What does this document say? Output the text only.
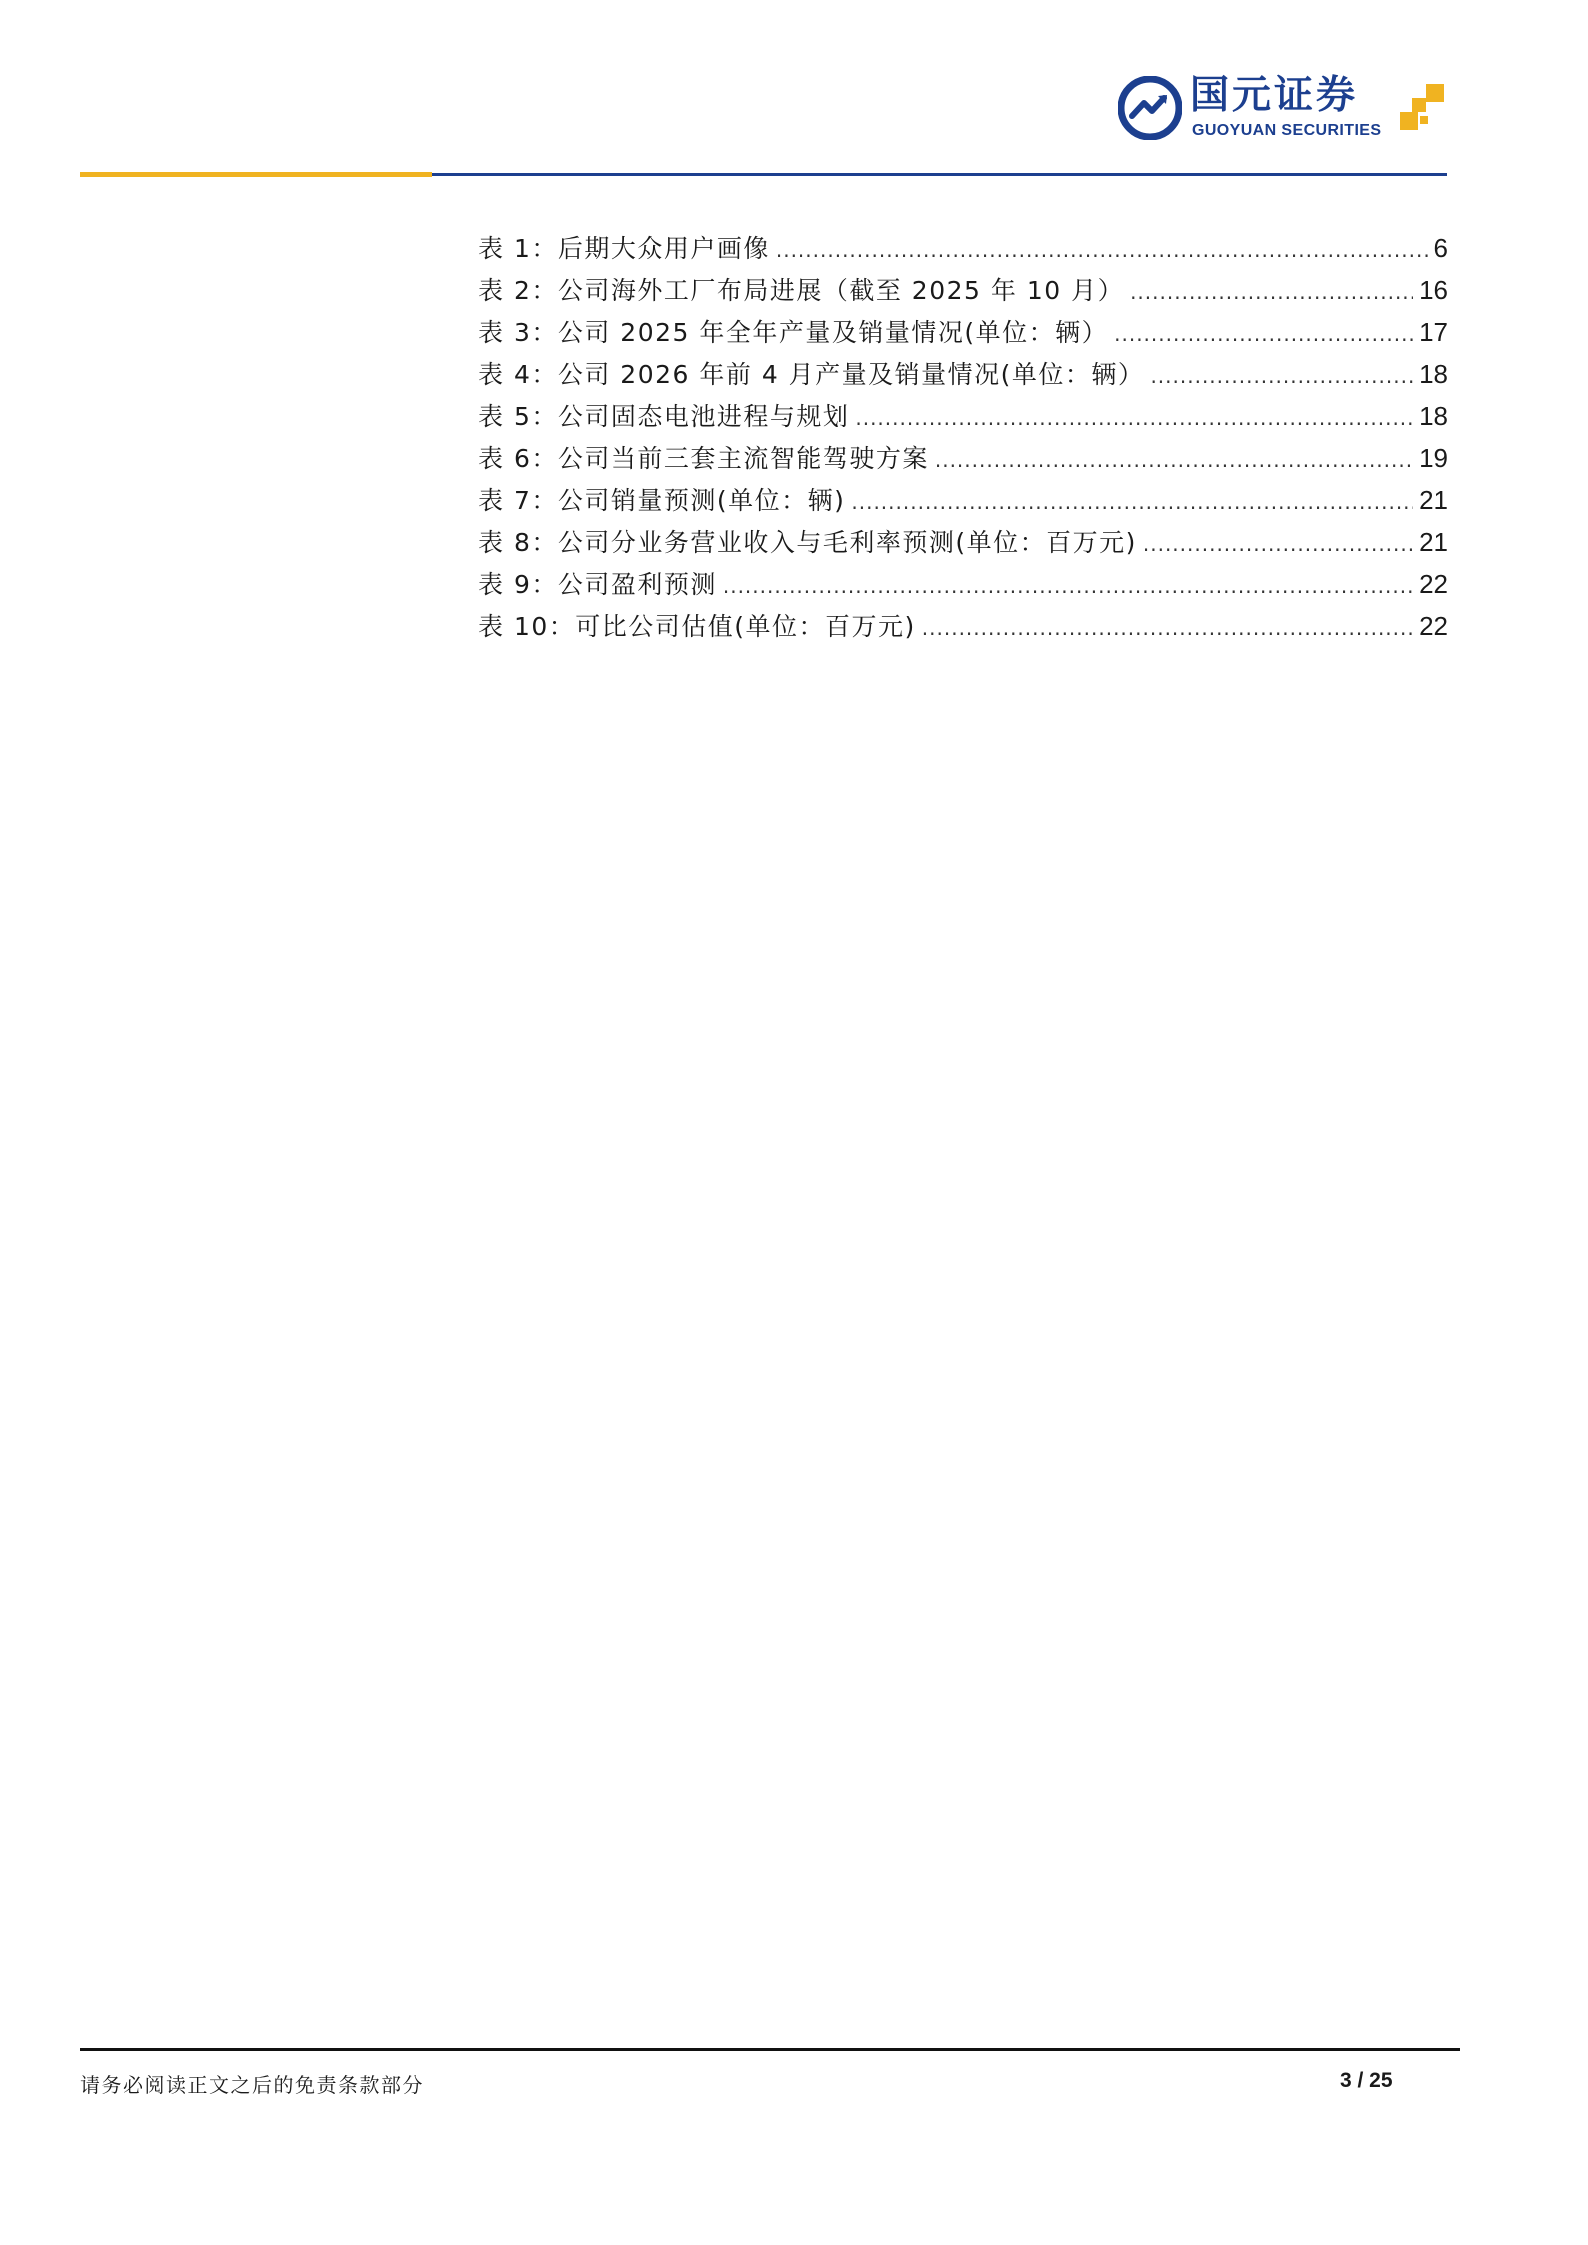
国元证券
GUOYUAN SECURITIES
表 1：后期大众用户画像 .....	6
表 2：公司海外工厂布局进展（截至 2025 年 10 月） .....	16
表 3：公司 2025 年全年产量及销量情况(单位：辆） .....	17
表 4：公司 2026 年前 4 月产量及销量情况(单位：辆） .....	18
表 5：公司固态电池进程与规划 .....	18
表 6：公司当前三套主流智能驾驶方案 .....	19
表 7：公司销量预测(单位：辆) .....	21
表 8：公司分业务营业收入与毛利率预测(单位：百万元) .....	21
表 9：公司盈利预测 .....	22
表 10：可比公司估值(单位：百万元) .....	22
请务必阅读正文之后的免责条款部分	3 / 25
